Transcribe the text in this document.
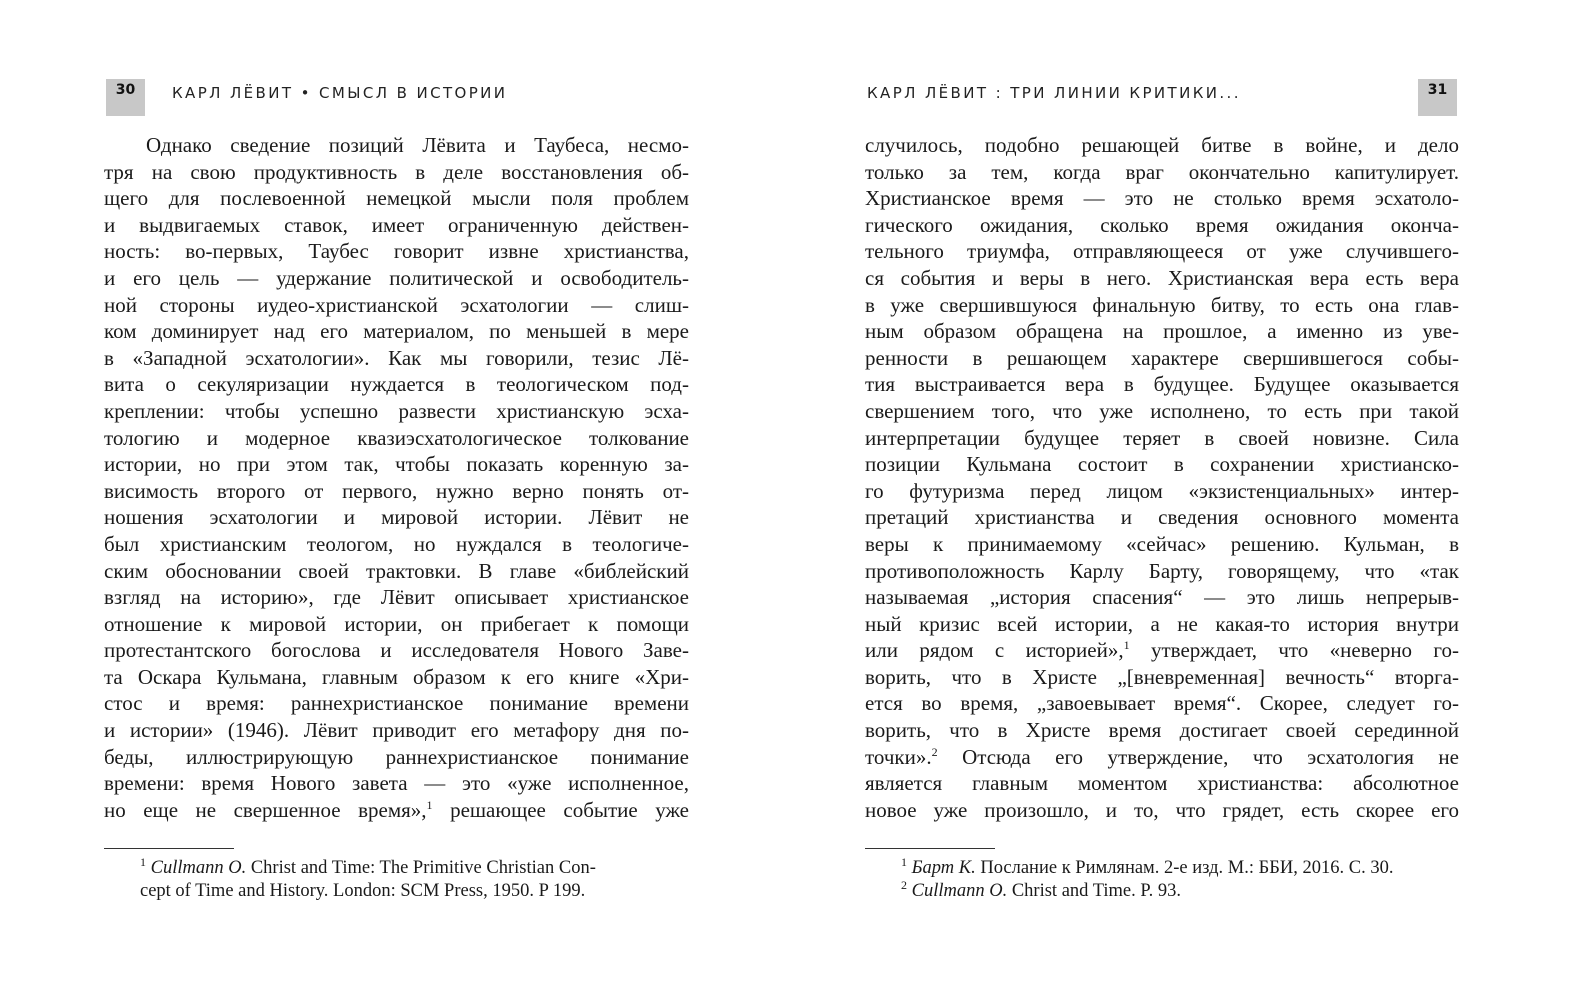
30	КАРЛ ЛЁВИТ • СМЫСЛ В ИСТОРИИ
Однако сведение позиций Лёвита и Таубеса, несмо-
тря на свою продуктивность в деле восстановления об-
щего для послевоенной немецкой мысли поля проблем
и выдвигаемых ставок, имеет ограниченную действен-
ность: во-первых, Таубес говорит извне христианства,
и его цель — удержание политической и освободитель-
ной стороны иудео-христианской эсхатологии — слиш-
ком доминирует над его материалом, по меньшей в мере
в «Западной эсхатологии». Как мы говорили, тезис Лё-
вита о секуляризации нуждается в теологическом под-
креплении: чтобы успешно развести христианскую эсха-
тологию и модерное квазиэсхатологическое толкование
истории, но при этом так, чтобы показать коренную за-
висимость второго от первого, нужно верно понять от-
ношения эсхатологии и мировой истории. Лёвит не
был христианским теологом, но нуждался в теологиче-
ским обосновании своей трактовки. В главе «библейский
взгляд на историю», где Лёвит описывает христианское
отношение к мировой истории, он прибегает к помощи
протестантского богослова и исследователя Нового Заве-
та Оскара Кульмана, главным образом к его книге «Хри-
стос и время: раннехристианское понимание времени
и истории» (1946). Лёвит приводит его метафору дня по-
беды, иллюстрирующую раннехристианское понимание
времени: время Нового завета — это «уже исполненное,
но еще не свершенное время»,$^1$ решающее событие уже
$^1$ Cullmann O. Christ and Time: The Primitive Christian Con-
cept of Time and History. London: SCM Press, 1950. P 199.
КАРЛ ЛЁВИТ : ТРИ ЛИНИИ КРИТИКИ...	31
случилось, подобно решающей битве в войне, и дело
только за тем, когда враг окончательно капитулирует.
Христианское время — это не столько время эсхатоло-
гического ожидания, сколько время ожидания оконча-
тельного триумфа, отправляющееся от уже случившего-
ся события и веры в него. Христианская вера есть вера
в уже свершившуюся финальную битву, то есть она глав-
ным образом обращена на прошлое, а именно из уве-
ренности в решающем характере свершившегося собы-
тия выстраивается вера в будущее. Будущее оказывается
свершением того, что уже исполнено, то есть при такой
интерпретации будущее теряет в своей новизне. Сила
позиции Кульмана состоит в сохранении христианско-
го футуризма перед лицом «экзистенциальных» интер-
претаций христианства и сведения основного момента
веры к принимаемому «сейчас» решению. Кульман, в
противоположность Карлу Барту, говорящему, что «так
называемая „история спасения“ — это лишь непрерыв-
ный кризис всей истории, а не какая-то история внутри
или рядом с историей»,$^1$ утверждает, что «неверно го-
ворить, что в Христе „[вневременная] вечность“ вторга-
ется во время, „завоевывает время“. Скорее, следует го-
ворить, что в Христе время достигает своей серединной
точки».$^2$ Отсюда его утверждение, что эсхатология не
является главным моментом христианства: абсолютное
новое уже произошло, и то, что грядет, есть скорее его
$^1$ Барт К. Послание к Римлянам. 2-е изд. М.: ББИ, 2016. С. 30.
$^2$ Cullmann O. Christ and Time. P. 93.
